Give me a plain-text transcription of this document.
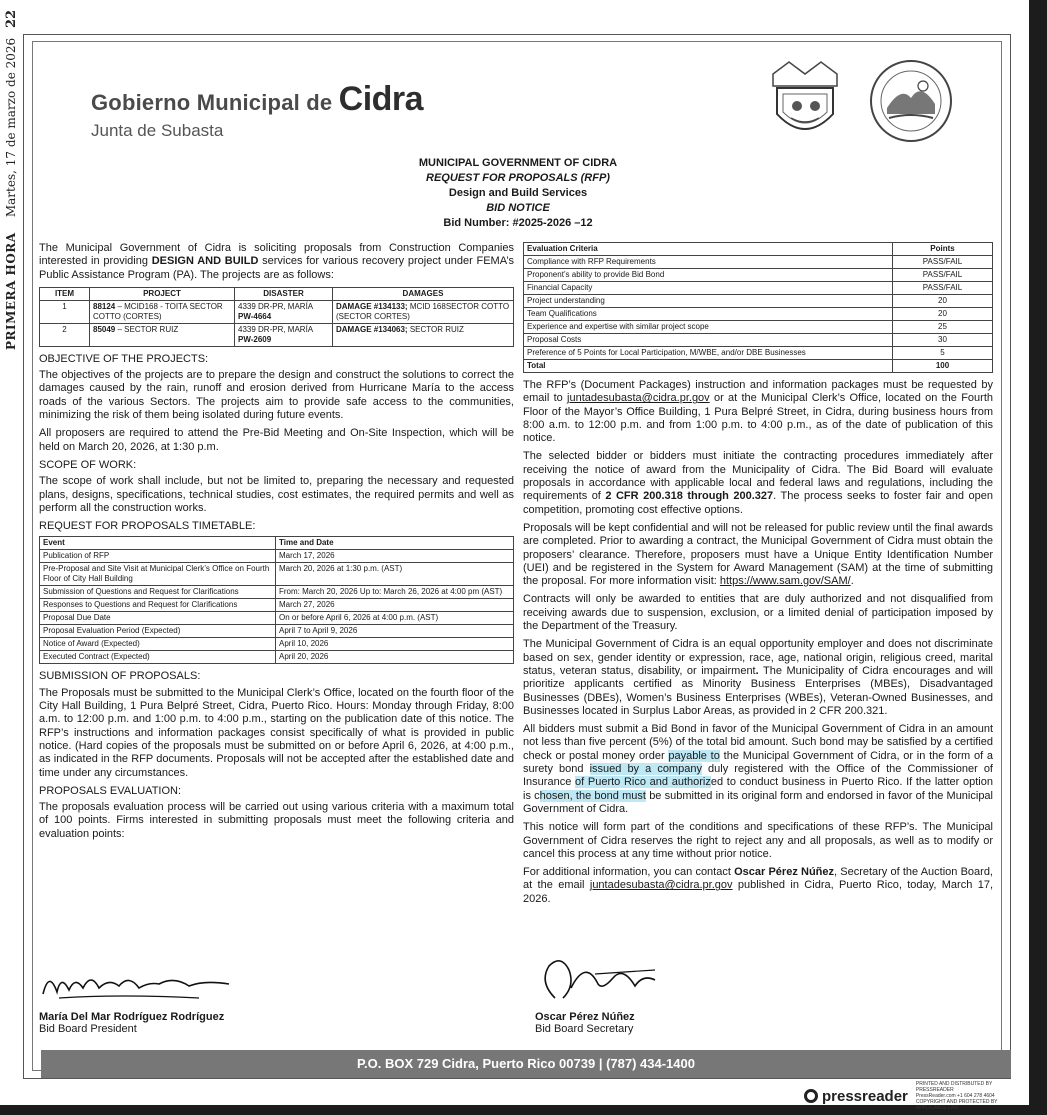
PRIMERA HORA    Martes, 17 de marzo de 2026 22
Gobierno Municipal de Cidra
Junta de Subasta
MUNICIPAL GOVERNMENT OF CIDRA
REQUEST FOR PROPOSALS (RFP)
Design and Build Services
BID NOTICE
Bid Number: #2025-2026 –12

The Municipal Government of Cidra is soliciting proposals from Construction Companies interested in providing DESIGN AND BUILD services for various recovery project under FEMA’s Public Assistance Program (PA). The projects are as follows:

ITEM	PROJECT	DISASTER	DAMAGES
1	88124 – MCID168 - TOITA SECTOR COTTO (CORTES)	4339 DR-PR, MARÍA PW-4664	DAMAGE #134133; MCID 168SECTOR COTTO (SECTOR CORTES)
2	85049 – SECTOR RUIZ	4339 DR-PR, MARÍA PW-2609	DAMAGE #134063; SECTOR RUIZ
OBJECTIVE OF THE PROJECTS:

The objectives of the projects are to prepare the design and construct the solutions to correct the damages caused by the rain, runoff and erosion derived from Hurricane María to the access roads of the various Sectors. The projects aim to provide safe access to the communities, minimizing the risk of them being isolated during future events.

All proposers are required to attend the Pre-Bid Meeting and On-Site Inspection, which will be held on March 20, 2026, at 1:30 p.m.

SCOPE OF WORK:

The scope of work shall include, but not be limited to, preparing the necessary and requested plans, designs, specifications, technical studies, cost estimates, the required permits and well as perform all the construction works.

REQUEST FOR PROPOSALS TIMETABLE:
Event	Time and Date
Publication of RFP	March 17, 2026
Pre-Proposal and Site Visit at Municipal Clerk’s Office on Fourth Floor of City Hall Building	March 20, 2026 at 1:30 p.m. (AST)
Submission of Questions and Request for Clarifications	From: March 20, 2026 Up to: March 26, 2026 at 4:00 pm (AST)
Responses to Questions and Request for Clarifications	March 27, 2026
Proposal Due Date	On or before April 6, 2026 at 4:00 p.m. (AST)
Proposal Evaluation Period (Expected)	April 7 to April 9, 2026
Notice of Award (Expected)	April 10, 2026
Executed Contract (Expected)	April 20, 2026
SUBMISSION OF PROPOSALS:

The Proposals must be submitted to the Municipal Clerk’s Office, located on the fourth floor of the City Hall Building, 1 Pura Belpré Street, Cidra, Puerto Rico. Hours: Monday through Friday, 8:00 a.m. to 12:00 p.m. and 1:00 p.m. to 4:00 p.m., starting on the publication date of this notice. The RFP’s instructions and information packages consist specifically of what is provided in public notice. (Hard copies of the proposals must be submitted on or before April 6, 2026, at 4:00 p.m., as indicated in the RFP documents. Proposals will not be accepted after the established date and time under any circumstances.

PROPOSALS EVALUATION:

The proposals evaluation process will be carried out using various criteria with a maximum total of 100 points. Firms interested in submitting proposals must meet the following criteria and evaluation points:

Evaluation Criteria	Points
Compliance with RFP Requirements	PASS/FAIL
Proponent’s ability to provide Bid Bond	PASS/FAIL
Financial Capacity	PASS/FAIL
Project understanding	20
Team Qualifications	20
Experience and expertise with similar project scope	25
Proposal Costs	30
Preference of 5 Points for Local Participation, M/WBE, and/or DBE Businesses	5
Total	100

The RFP’s (Document Packages) instruction and information packages must be requested by email to juntadesubasta@cidra.pr.gov or at the Municipal Clerk’s Office, located on the Fourth Floor of the Mayor’s Office Building, 1 Pura Belpré Street, in Cidra, during business hours from 8:00 a.m. to 12:00 p.m. and from 1:00 p.m. to 4:00 p.m., as of the date of publication of this notice.

The selected bidder or bidders must initiate the contracting procedures immediately after receiving the notice of award from the Municipality of Cidra. The Bid Board will evaluate proposals in accordance with applicable local and federal laws and regulations, including the requirements of 2 CFR 200.318 through 200.327. The process seeks to foster fair and open competition, promoting cost effective options.

Proposals will be kept confidential and will not be released for public review until the final awards are completed. Prior to awarding a contract, the Municipal Government of Cidra must obtain the proposers’ clearance. Therefore, proposers must have a Unique Entity Identification Number (UEI) and be registered in the System for Award Management (SAM) at the time of submitting the proposal. For more information visit: https://www.sam.gov/SAM/.

Contracts will only be awarded to entities that are duly authorized and not disqualified from receiving awards due to suspension, exclusion, or a limited denial of participation imposed by the Department of the Treasury.

The Municipal Government of Cidra is an equal opportunity employer and does not discriminate based on sex, gender identity or expression, race, age, national origin, religious creed, marital status, veteran status, disability, or impairment. The Municipality of Cidra encourages and will prioritize applicants certified as Minority Business Enterprises (MBEs), Disadvantaged Businesses (DBEs), Women’s Business Enterprises (WBEs), Veteran-Owned Businesses, and Businesses located in Surplus Labor Areas, as provided in 2 CFR 200.321.

All bidders must submit a Bid Bond in favor of the Municipal Government of Cidra in an amount not less than five percent (5%) of the total bid amount. Such bond may be satisfied by a certified check or postal money order payable to the Municipal Government of Cidra, or in the form of a surety bond issued by a company duly registered with the Office of the Commissioner of Insurance of Puerto Rico and authorized to conduct business in Puerto Rico. If the latter option is chosen, the bond must be submitted in its original form and endorsed in favor of the Municipal Government of Cidra.

This notice will form part of the conditions and specifications of these RFP’s. The Municipal Government of Cidra reserves the right to reject any and all proposals, as well as to modify or cancel this process at any time without prior notice.

For additional information, you can contact Oscar Pérez Núñez, Secretary of the Auction Board, at the email juntadesubasta@cidra.pr.gov published in Cidra, Puerto Rico, today, March 17, 2026.

María Del Mar Rodríguez Rodríguez
Bid Board President
Oscar Pérez Núñez
Bid Board Secretary
P.O. BOX 729 Cidra, Puerto Rico 00739 | (787) 434-1400
pressreader
PRINTED AND DISTRIBUTED BY PRESSREADER
PressReader.com +1 604 278 4604
COPYRIGHT AND PROTECTED BY APPLICABLE LAW
